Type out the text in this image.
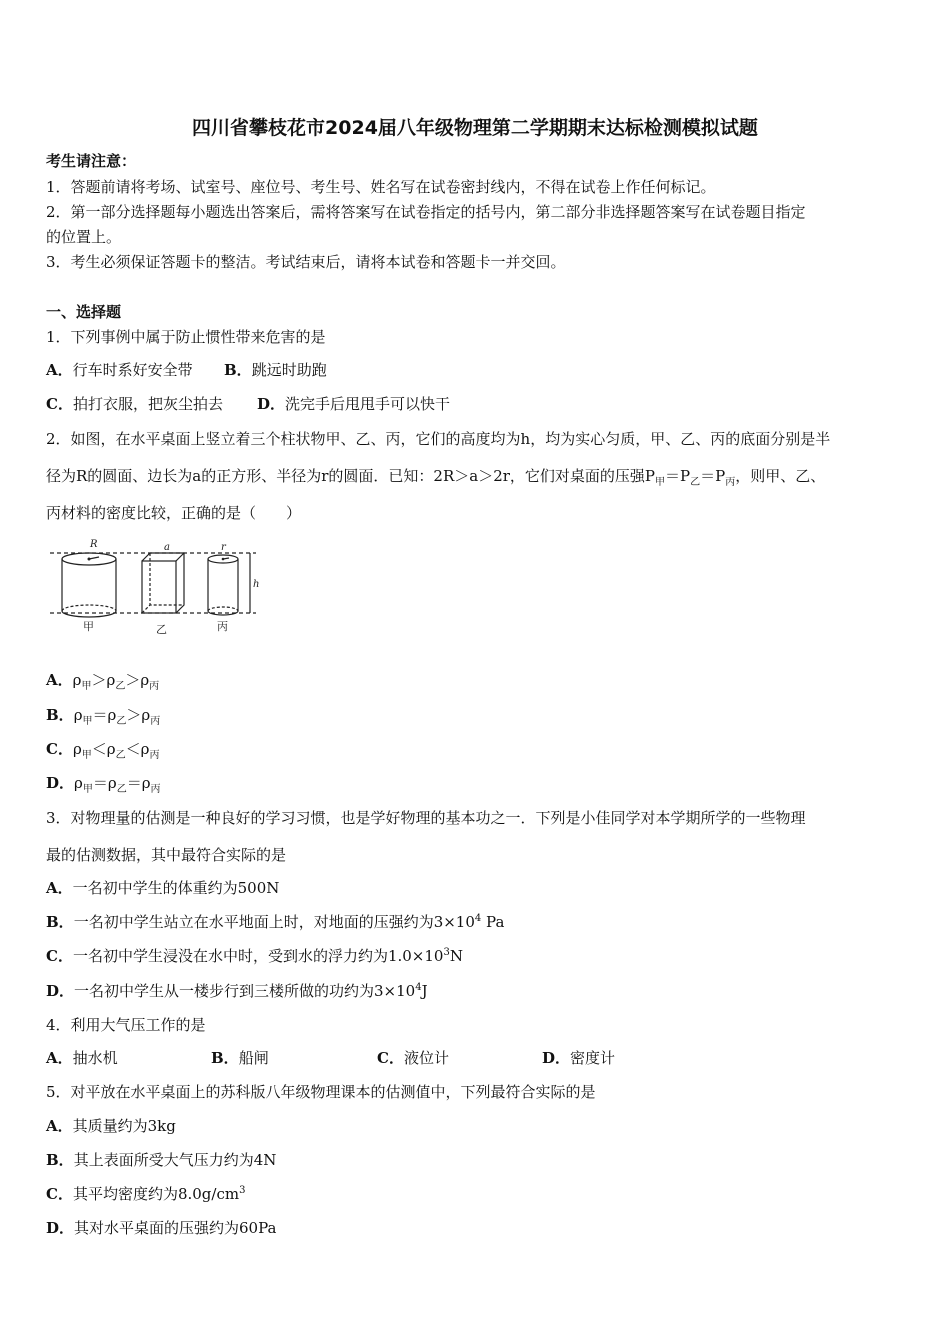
四川省攀枝花市2024届八年级物理第二学期期末达标检测模拟试题
考生请注意：
1．答题前请将考场、试室号、座位号、考生号、姓名写在试卷密封线内，不得在试卷上作任何标记。
2．第一部分选择题每小题选出答案后，需将答案写在试卷指定的括号内，第二部分非选择题答案写在试卷题目指定
的位置上。
3．考生必须保证答题卡的整洁。考试结束后，请将本试卷和答题卡一并交回。
一、选择题
1．下列事例中属于防止惯性带来危害的是
A．行车时系好安全带 B．跳远时助跑
C．拍打衣服，把灰尘拍去 D．洗完手后甩甩手可以快干
2．如图，在水平桌面上竖立着三个柱状物甲、乙、丙，它们的高度均为h，均为实心匀质，甲、乙、丙的底面分别是半
径为R的圆面、边长为a的正方形、半径为r的圆面．已知：2R＞a＞2r，它们对桌面的压强$P_甲=P_乙=P_丙$，则甲、乙、
丙材料的密度比较，正确的是（　　）
R	a	r
h
甲	乙	丙
A．$\rho_甲>\rho_乙>\rho_丙$
B．$\rho_甲=\rho_乙>\rho_丙$
C．$\rho_甲<\rho_乙<\rho_丙$
D．$\rho_甲=\rho_乙=\rho_丙$
3．对物理量的估测是一种良好的学习习惯，也是学好物理的基本功之一．下列是小佳同学对本学期所学的一些物理
最的估测数据，其中最符合实际的是
A．一名初中学生的体重约为500N
B．一名初中学生站立在水平地面上时，对地面的压强约为$3\times 10^4$ Pa
C．一名初中学生浸没在水中时，受到水的浮力约为$1.0\times 10^3N$
D．一名初中学生从一楼步行到三楼所做的功约为$3\times 10^4J$
4．利用大气压工作的是
A．抽水机	B．船闸	C．液位计	D．密度计
5．对平放在水平桌面上的苏科版八年级物理课本的估测值中，下列最符合实际的是
A．其质量约为3kg
B．其上表面所受大气压力约为4N
C．其平均密度约为$8.0g/cm^3$
D．其对水平桌面的压强约为60Pa
